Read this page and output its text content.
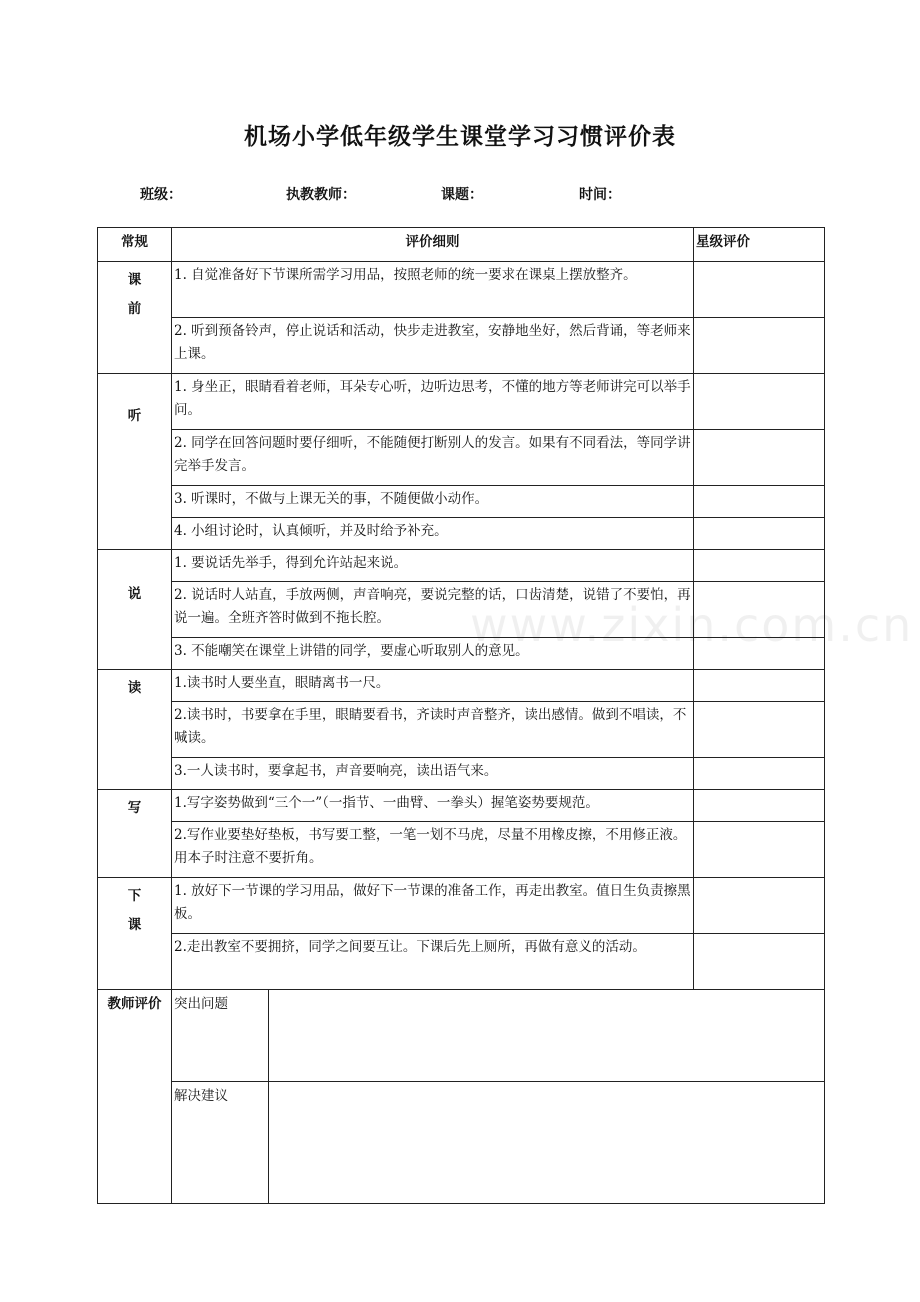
机场小学低年级学生课堂学习习惯评价表
班级：	执教教师：	课题：	时间：
www.zixin.com.cn
常规	评价细则		星级评价
课前	1. 自觉准备好下节课所需学习用品，按照老师的统一要求在课桌上摆放整齐。		
	2. 听到预备铃声，停止说话和活动，快步走进教室，安静地坐好，然后背诵，等老师来上课。		
听	1. 身坐正，眼睛看着老师，耳朵专心听，边听边思考，不懂的地方等老师讲完可以举手问。		
	2. 同学在回答问题时要仔细听，不能随便打断别人的发言。如果有不同看法，等同学讲完举手发言。		
	3. 听课时，不做与上课无关的事，不随便做小动作。		
	4. 小组讨论时，认真倾听，并及时给予补充。		
说	1. 要说话先举手，得到允许站起来说。		
	2. 说话时人站直，手放两侧，声音响亮，要说完整的话，口齿清楚，说错了不要怕，再说一遍。全班齐答时做到不拖长腔。		
	3. 不能嘲笑在课堂上讲错的同学，要虚心听取别人的意见。		
读	1.读书时人要坐直，眼睛离书一尺。		
	2.读书时，书要拿在手里，眼睛要看书，齐读时声音整齐，读出感情。做到不唱读，不喊读。		
	3.一人读书时，要拿起书，声音要响亮，读出语气来。		
写	1.写字姿势做到“三个一”（一指节、一曲臂、一拳头）握笔姿势要规范。		
	2.写作业要垫好垫板，书写要工整，一笔一划不马虎，尽量不用橡皮擦，不用修正液。用本子时注意不要折角。		
下课	1. 放好下一节课的学习用品，做好下一节课的准备工作，再走出教室。值日生负责擦黑板。		
	2.走出教室不要拥挤，同学之间要互让。下课后先上厕所，再做有意义的活动。		
教师评价	突出问题		
	解决建议		
